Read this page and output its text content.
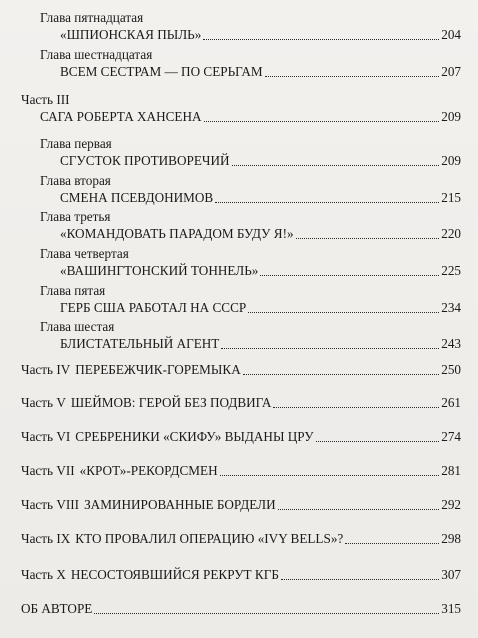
Глава пятнадцатая
«ШПИОНСКАЯ ПЫЛЬ»	204
Глава шестнадцатая
ВСЕМ СЕСТРАМ — ПО СЕРЬГАМ	207
Часть III
САГА РОБЕРТА ХАНСЕНА	209
Глава первая
СГУСТОК ПРОТИВОРЕЧИЙ	209
Глава вторая
СМЕНА ПСЕВДОНИМОВ	215
Глава третья
«КОМАНДОВАТЬ ПАРАДОМ БУДУ Я!»	220
Глава четвертая
«ВАШИНГТОНСКИЙ ТОННЕЛЬ»	225
Глава пятая
ГЕРБ США РАБОТАЛ НА СССР	234
Глава шестая
БЛИСТАТЕЛЬНЫЙ АГЕНТ	243
Часть IV ПЕРЕБЕЖЧИК-ГОРЕМЫКА	250
Часть V ШЕЙМОВ: ГЕРОЙ БЕЗ ПОДВИГА	261
Часть VI СРЕБРЕНИКИ «СКИФУ» ВЫДАНЫ ЦРУ	274
Часть VII «КРОТ»-РЕКОРДСМЕН	281
Часть VIII ЗАМИНИРОВАННЫЕ БОРДЕЛИ	292
Часть IX КТО ПРОВАЛИЛ ОПЕРАЦИЮ «IVY BELLS»?	298
Часть X НЕСОСТОЯВШИЙСЯ РЕКРУТ КГБ	307
ОБ АВТОРЕ	315
